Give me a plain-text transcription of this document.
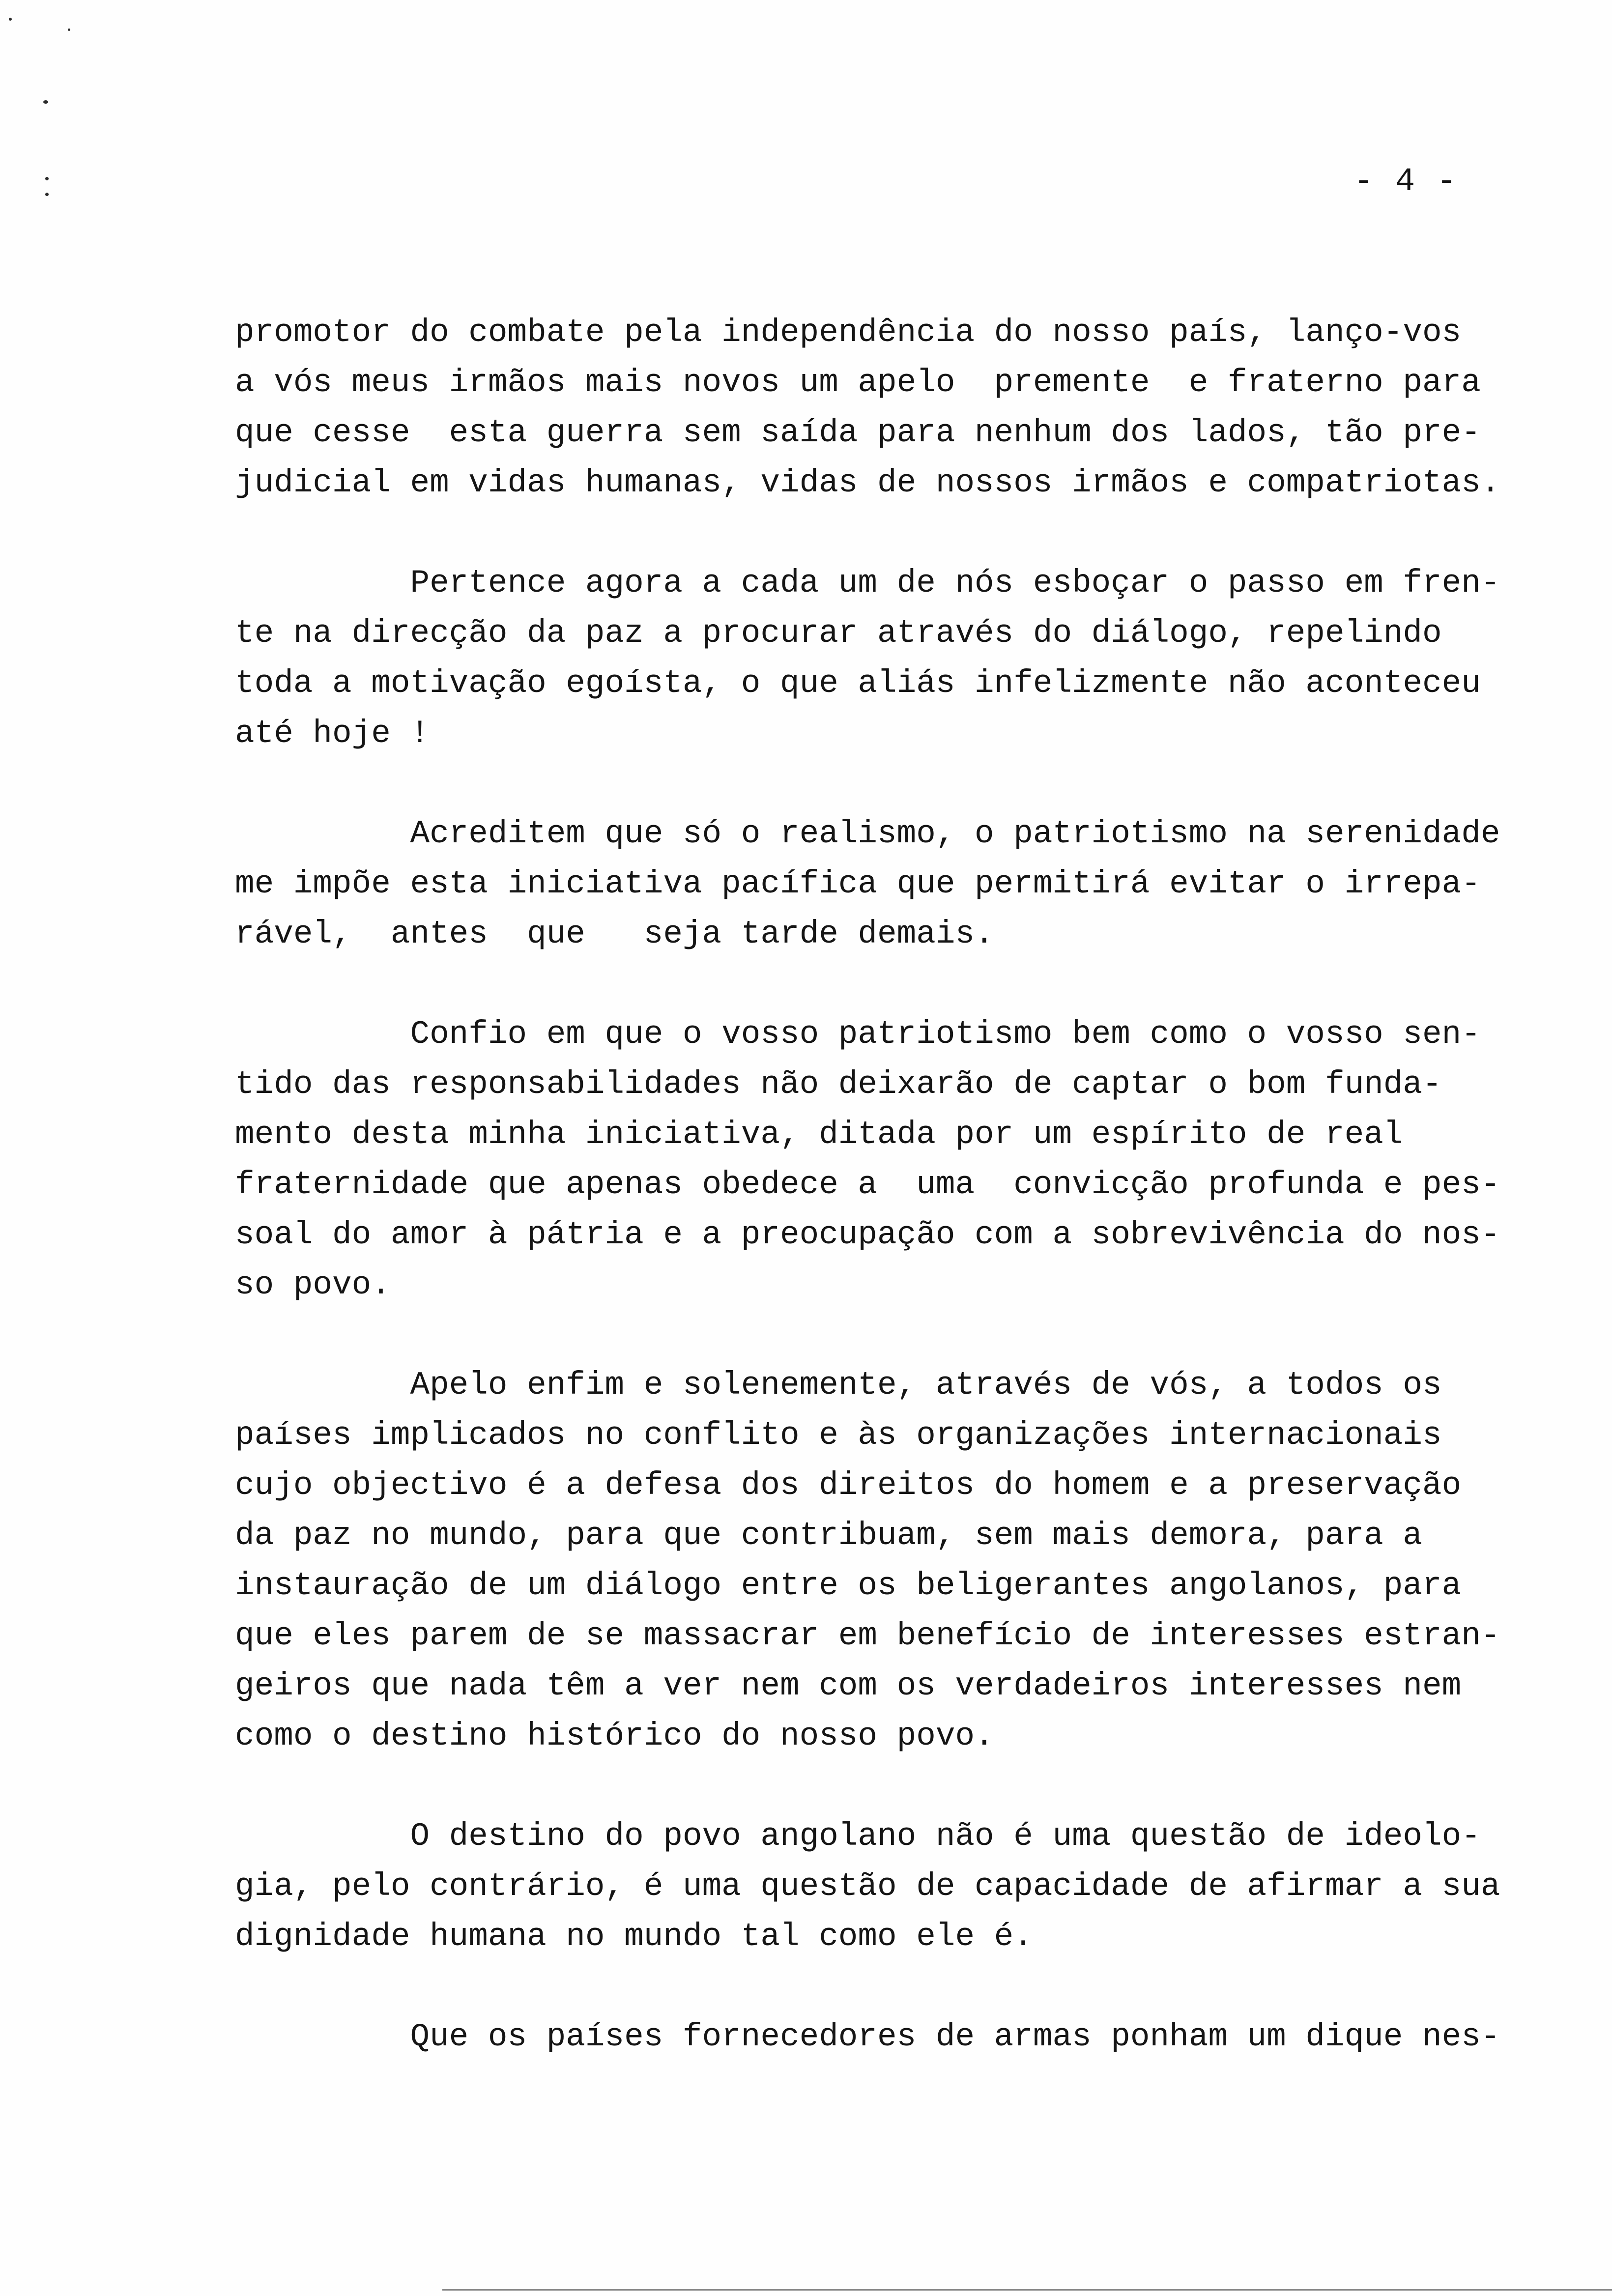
- 4 -
promotor do combate pela independência do nosso país, lanço-vos
a vós meus irmãos mais novos um apelo  premente  e fraterno para
que cesse  esta guerra sem saída para nenhum dos lados, tão pre-
judicial em vidas humanas, vidas de nossos irmãos e compatriotas.
Pertence agora a cada um de nós esboçar o passo em fren-
te na direcção da paz a procurar através do diálogo, repelindo
toda a motivação egoísta, o que aliás infelizmente não aconteceu
até hoje !
Acreditem que só o realismo, o patriotismo na serenidade
me impõe esta iniciativa pacífica que permitirá evitar o irrepa-
rável,  antes  que   seja tarde demais.
Confio em que o vosso patriotismo bem como o vosso sen-
tido das responsabilidades não deixarão de captar o bom funda-
mento desta minha iniciativa, ditada por um espírito de real
fraternidade que apenas obedece a  uma  convicção profunda e pes-
soal do amor à pátria e a preocupação com a sobrevivência do nos-
so povo.
Apelo enfim e solenemente, através de vós, a todos os
países implicados no conflito e às organizações internacionais
cujo objectivo é a defesa dos direitos do homem e a preservação
da paz no mundo, para que contribuam, sem mais demora, para a
instauração de um diálogo entre os beligerantes angolanos, para
que eles parem de se massacrar em benefício de interesses estran-
geiros que nada têm a ver nem com os verdadeiros interesses nem
como o destino histórico do nosso povo.
O destino do povo angolano não é uma questão de ideolo-
gia, pelo contrário, é uma questão de capacidade de afirmar a sua
dignidade humana no mundo tal como ele é.
Que os países fornecedores de armas ponham um dique nes-
